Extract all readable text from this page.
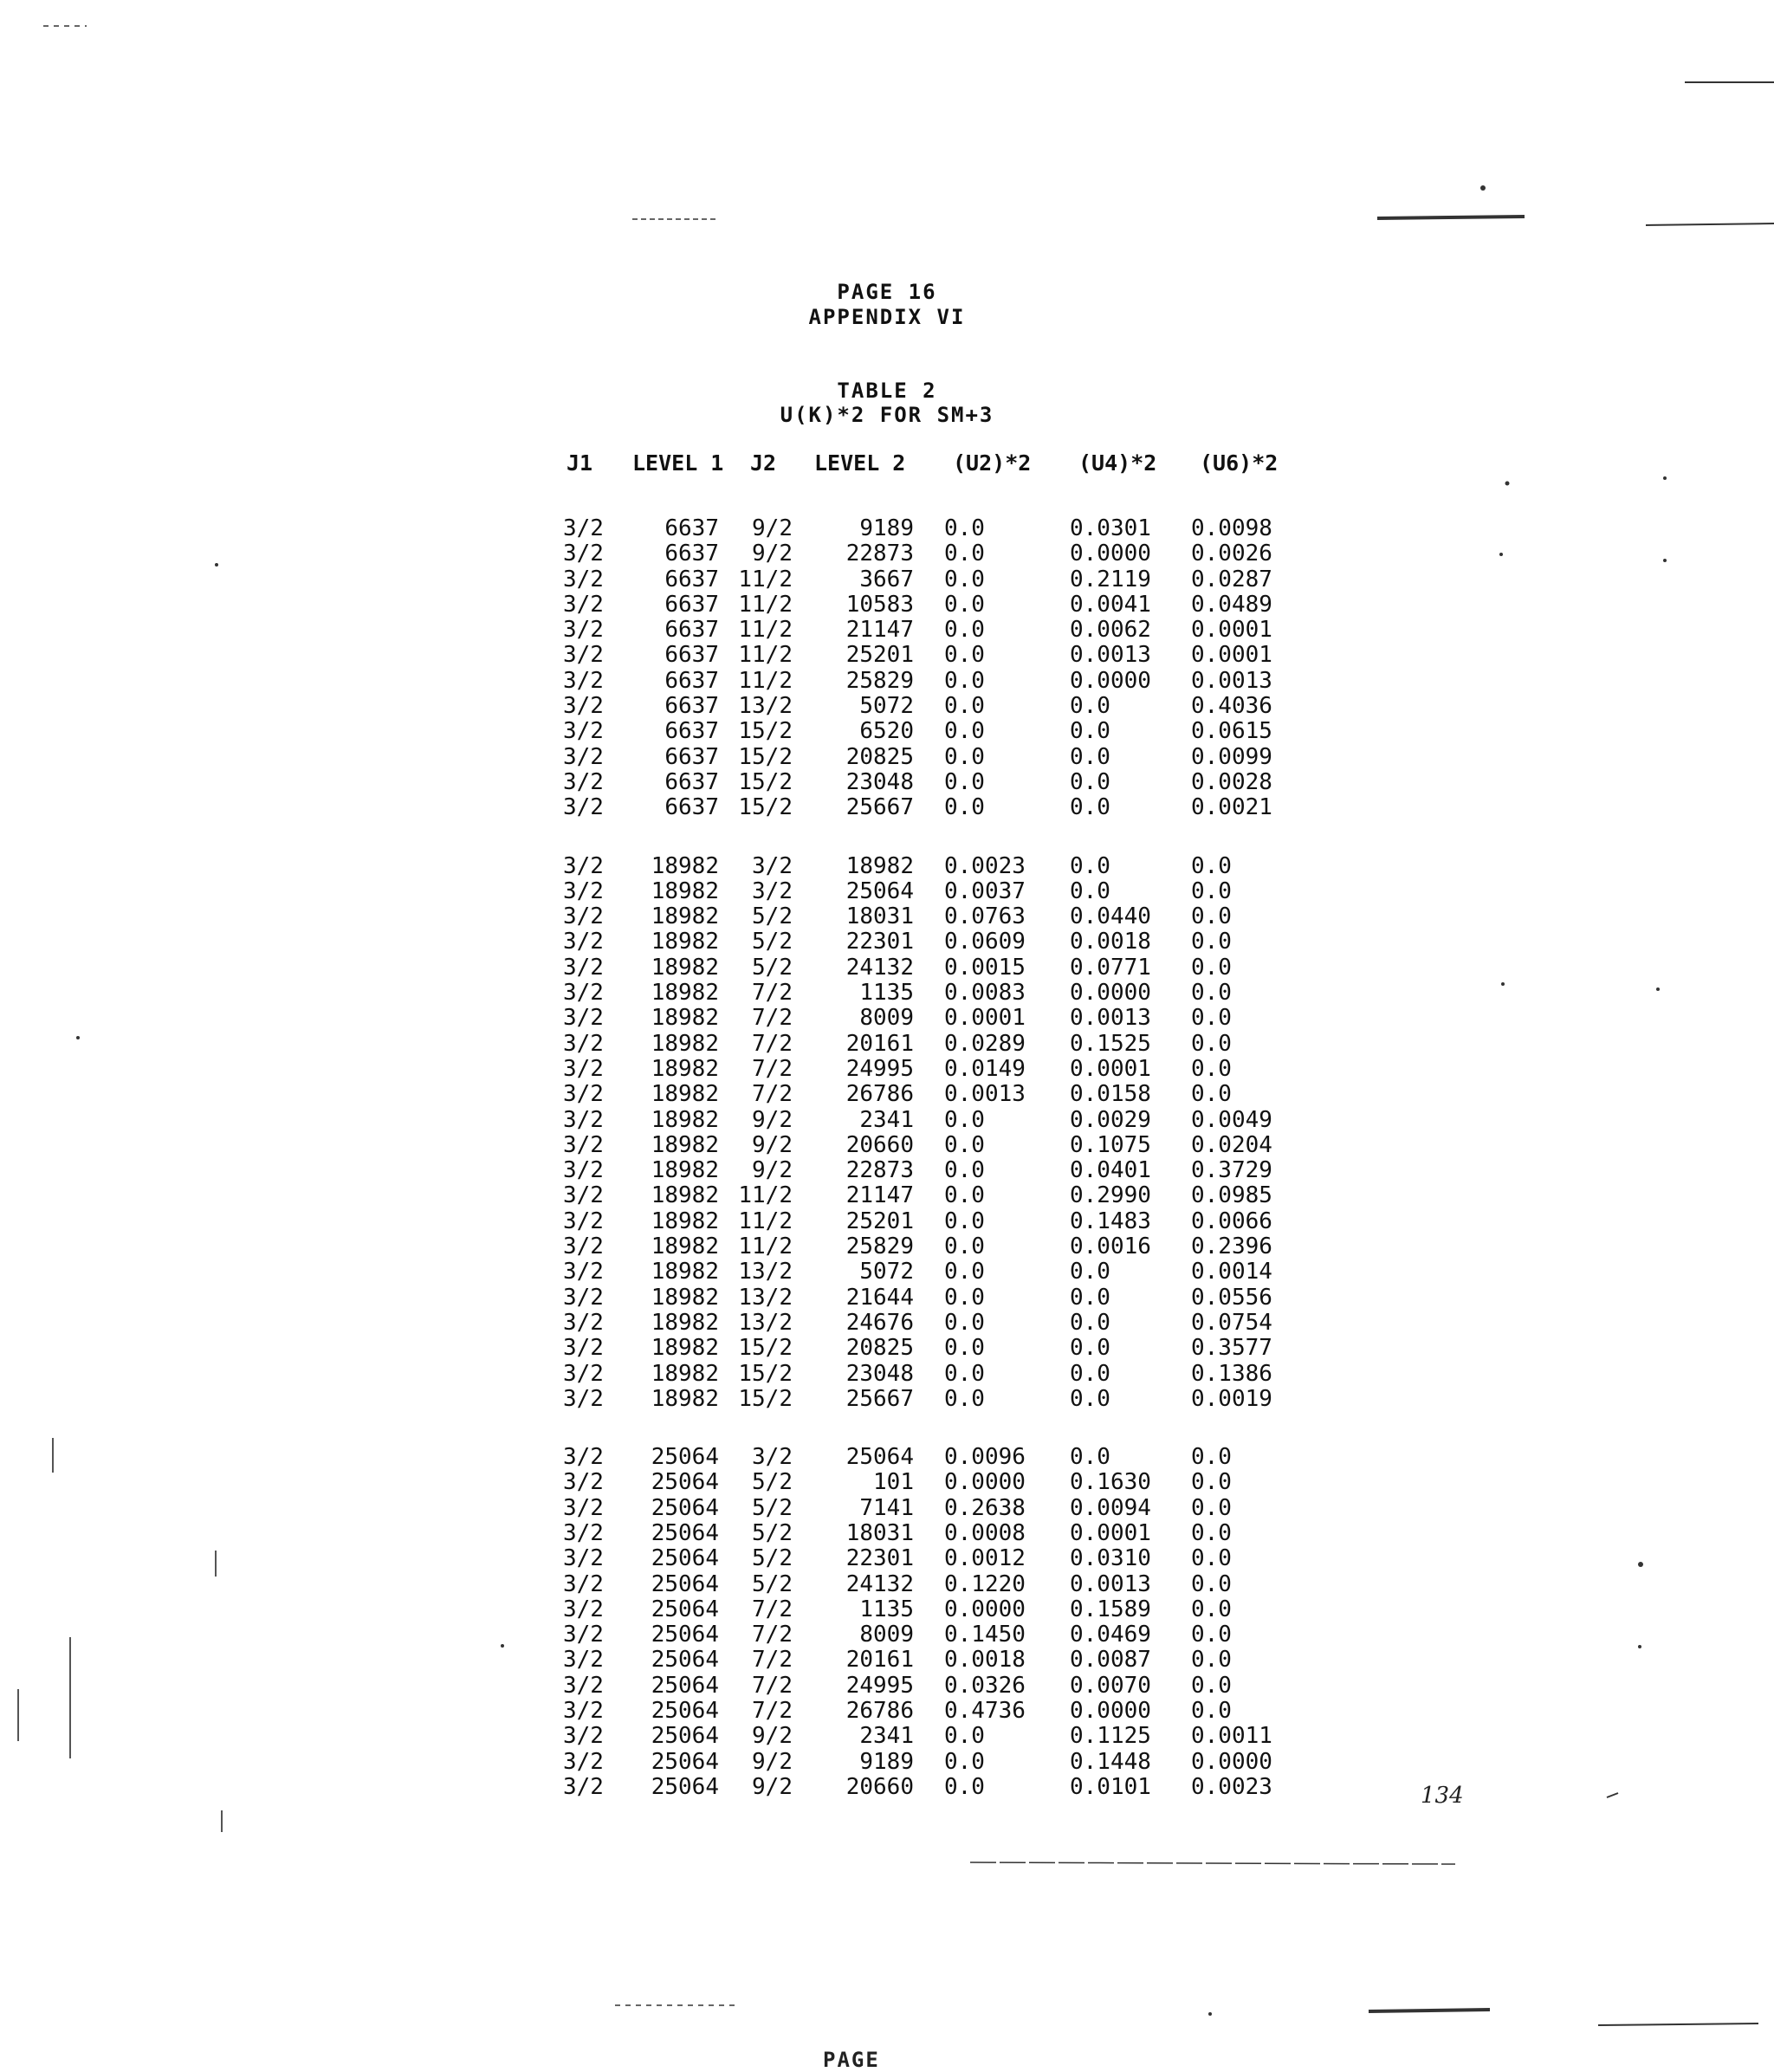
PAGE 16
APPENDIX VI
TABLE 2
U(K)*2 FOR SM+3
J1 LEVEL 1 J2 LEVEL 2 (U2)*2 (U4)*2 (U6)*2
3/2	6637	9/2	9189 0.0	0.0301 0.0098
3/2	6637	9/2	22873 0.0	0.0000 0.0026
3/2	6637 11/2	3667 0.0	0.2119 0.0287
3/2	6637 11/2	10583 0.0	0.0041 0.0489
3/2	6637 11/2	21147 0.0	0.0062 0.0001
3/2	6637 11/2	25201 0.0	0.0013 0.0001
3/2	6637 11/2	25829 0.0	0.0000 0.0013
3/2	6637 13/2	5072 0.0	0.0	0.4036
3/2	6637 15/2	6520 0.0	0.0	0.0615
3/2	6637 15/2	20825 0.0	0.0	0.0099
3/2	6637 15/2	23048 0.0	0.0	0.0028
3/2	6637 15/2	25667 0.0	0.0	0.0021
3/2	18982	3/2	18982 0.0023 0.0	0.0
3/2	18982	3/2	25064 0.0037 0.0	0.0
3/2	18982	5/2	18031 0.0763 0.0440 0.0
3/2	18982	5/2	22301 0.0609 0.0018 0.0
3/2	18982	5/2	24132 0.0015 0.0771 0.0
3/2	18982	7/2	1135 0.0083 0.0000 0.0
3/2	18982	7/2	8009 0.0001 0.0013 0.0
3/2	18982	7/2	20161 0.0289 0.1525 0.0
3/2	18982	7/2	24995 0.0149 0.0001 0.0
3/2	18982	7/2	26786 0.0013 0.0158 0.0
3/2	18982	9/2	2341 0.0	0.0029 0.0049
3/2	18982	9/2	20660 0.0	0.1075 0.0204
3/2	18982	9/2	22873 0.0	0.0401 0.3729
3/2	18982 11/2	21147 0.0	0.2990 0.0985
3/2	18982 11/2	25201 0.0	0.1483 0.0066
3/2	18982 11/2	25829 0.0	0.0016 0.2396
3/2	18982 13/2	5072 0.0	0.0	0.0014
3/2	18982 13/2	21644 0.0	0.0	0.0556
3/2	18982 13/2	24676 0.0	0.0	0.0754
3/2	18982 15/2	20825 0.0	0.0	0.3577
3/2	18982 15/2	23048 0.0	0.0	0.1386
3/2	18982 15/2	25667 0.0	0.0	0.0019
3/2	25064	3/2	25064 0.0096 0.0	0.0
3/2	25064	5/2	101 0.0000 0.1630 0.0
3/2	25064	5/2	7141 0.2638 0.0094 0.0
3/2	25064	5/2	18031 0.0008 0.0001 0.0
3/2	25064	5/2	22301 0.0012 0.0310 0.0
3/2	25064	5/2	24132 0.1220 0.0013 0.0
3/2	25064	7/2	1135 0.0000 0.1589 0.0
3/2	25064	7/2	8009 0.1450 0.0469 0.0
3/2	25064	7/2	20161 0.0018 0.0087 0.0
3/2	25064	7/2	24995 0.0326 0.0070 0.0
3/2	25064	7/2	26786 0.4736 0.0000 0.0
3/2	25064	9/2	2341 0.0	0.1125 0.0011
3/2	25064	9/2	9189 0.0	0.1448 0.0000
3/2	25064	9/2	20660 0.0	0.0101 0.0023	134
PAGE
